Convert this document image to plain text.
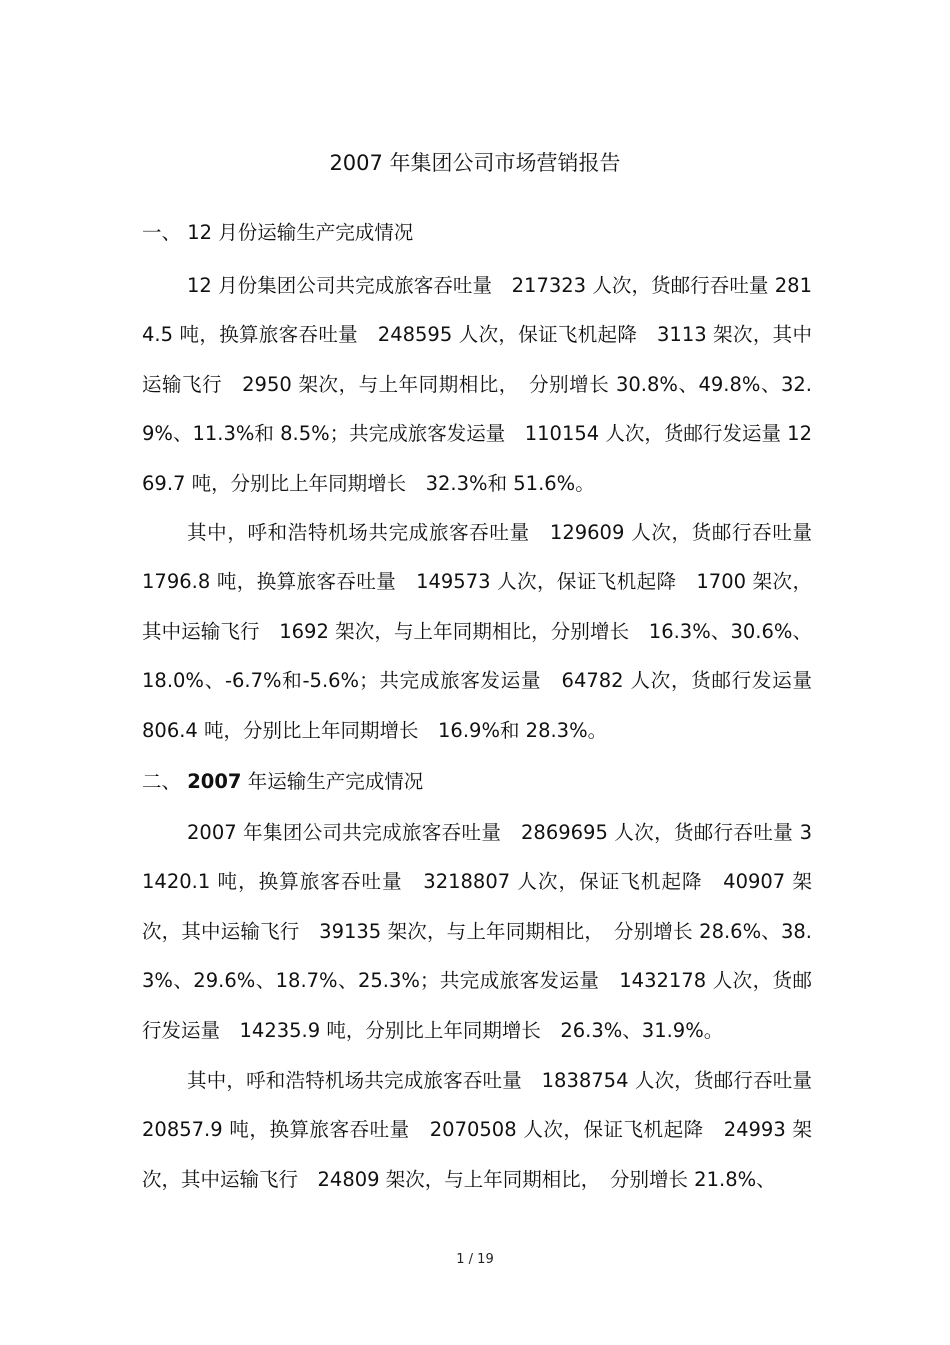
2007 年集团公司市场营销报告
一、 12 月份运输生产完成情况

12 月份集团公司共完成旅客吞吐量　217323 人次，货邮行吞吐量 2814.5 吨，换算旅客吞吐量　248595 人次，保证飞机起降　3113 架次，其中运输飞行　2950 架次，与上年同期相比，　分别增长 30.8%、49.8%、32.9%、11.3%和 8.5%；共完成旅客发运量　110154 人次，货邮行发运量 1269.7 吨，分别比上年同期增长　32.3%和 51.6%。

其中，呼和浩特机场共完成旅客吞吐量　129609 人次，货邮行吞吐量 1796.8 吨，换算旅客吞吐量　149573 人次，保证飞机起降　1700 架次，其中运输飞行　1692 架次，与上年同期相比，分别增长　16.3%、30.6%、18.0%、-6.7%和-5.6%；共完成旅客发运量　64782 人次，货邮行发运量 806.4 吨，分别比上年同期增长　16.9%和 28.3%。

二、 2007 年运输生产完成情况

2007 年集团公司共完成旅客吞吐量　2869695 人次，货邮行吞吐量 31420.1 吨，换算旅客吞吐量　3218807 人次，保证飞机起降　40907 架次，其中运输飞行　39135 架次，与上年同期相比，　分别增长 28.6%、38.3%、29.6%、18.7%、25.3%；共完成旅客发运量　1432178 人次，货邮行发运量　14235.9 吨，分别比上年同期增长　26.3%、31.9%。

其中，呼和浩特机场共完成旅客吞吐量　1838754 人次，货邮行吞吐量 20857.9 吨，换算旅客吞吐量　2070508 人次，保证飞机起降　24993 架次，其中运输飞行　24809 架次，与上年同期相比，　分别增长 21.8%、

1 / 19
